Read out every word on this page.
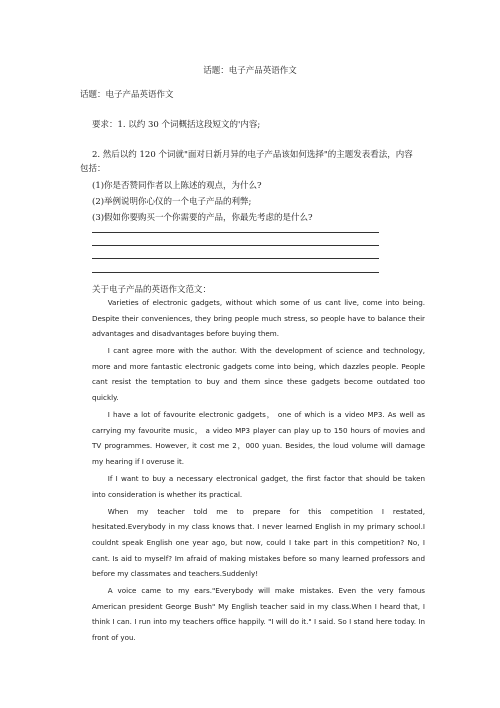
话题：电子产品英语作文
话题：电子产品英语作文
要求：1. 以约 30 个词概括这段短文的'内容;
2. 然后以约 120 个词就"面对日新月异的电子产品该如何选择"的主题发表看法，内容
包括：
(1)你是否赞同作者以上陈述的观点，为什么?
(2)举例说明你心仪的一个电子产品的利弊;
(3)假如你要购买一个你需要的产品，你最先考虑的是什么?
关于电子产品的英语作文范文：

Varieties of electronic gadgets, without which some of us cant live, come into being. Despite their conveniences, they bring people much stress, so people have to balance their advantages and disadvantages before buying them.

I cant agree more with the author. With the development of science and technology, more and more fantastic electronic gadgets come into being, which dazzles people. People cant resist the temptation to buy and them since these gadgets become outdated too quickly.

I have a lot of favourite electronic gadgets， one of which is a video MP3. As well as carrying my favourite music， a video MP3 player can play up to 150 hours of movies and TV programmes. However, it cost me 2，000 yuan. Besides, the loud volume will damage my hearing if I overuse it.

If I want to buy a necessary electronical gadget, the first factor that should be taken into consideration is whether its practical.

When my teacher told me to prepare for this competition I restated, hesitated.Everybody in my class knows that. I never learned English in my primary school.I couldnt speak English one year ago, but now, could I take part in this competition? No, I cant. Is aid to myself? Im afraid of making mistakes before so many learned professors and before my classmates and teachers.Suddenly!

A voice came to my ears."Everybody will make mistakes. Even the very famous American president George Bush" My English teacher said in my class.When I heard that, I think I can. I run into my teachers office happily. "I will do it." I said. So I stand here today. In front of you.
